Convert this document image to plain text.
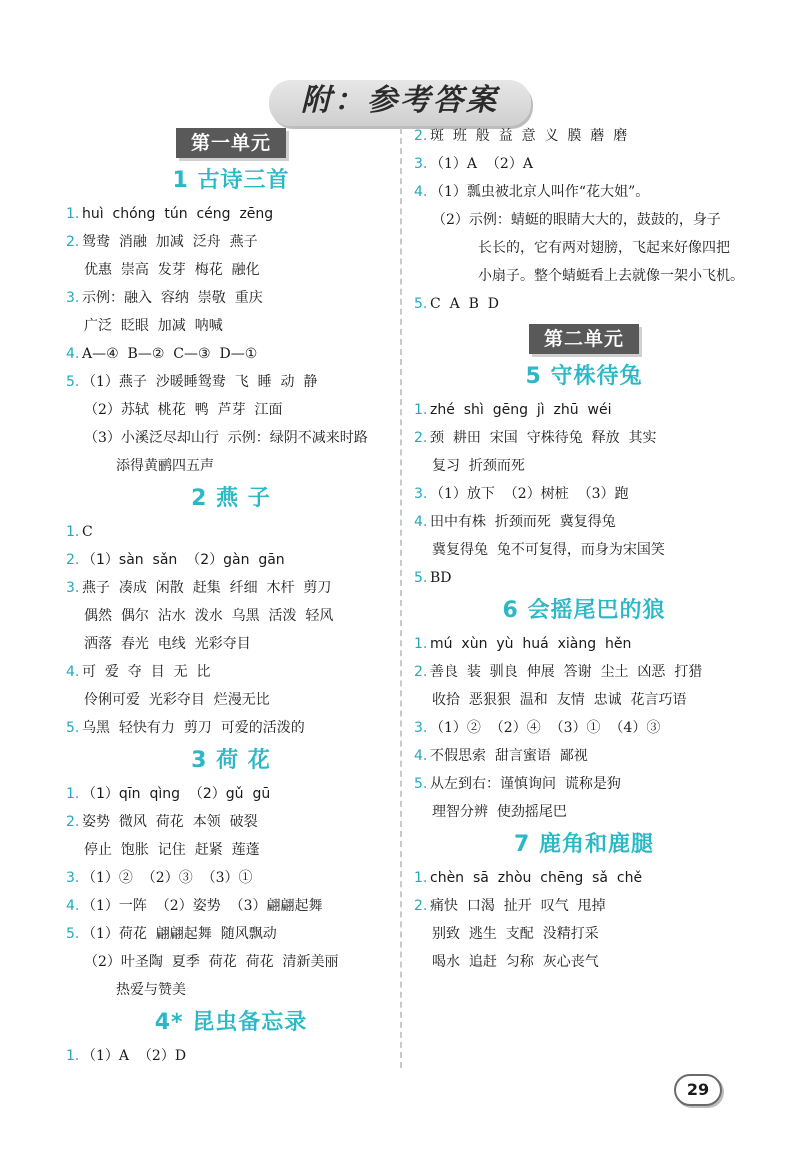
附：参考答案
第一单元
1 古诗三首
1. huì  chóng  tún  céng  zēng
2. 鸳鸯  消融  加减  泛舟  燕子
优惠  崇高  发芽  梅花  融化
3. 示例：融入  容纳  崇敬  重庆
广泛  眨眼  加减  呐喊
4. A—④  B—②  C—③  D—①
5. （1）燕子  沙暖睡鸳鸯  飞  睡  动  静
（2）苏轼  桃花  鸭  芦芽  江面
（3）小溪泛尽却山行  示例：绿阴不减来时路
添得黄鹂四五声
2 燕 子
1. C
2. （1）sàn  sǎn  （2）gàn  gān
3. 燕子  凑成  闲散  赶集  纤细  木杆  剪刀
偶然  偶尔  沾水  泼水  乌黑  活泼  轻风
洒落  春光  电线  光彩夺目
4. 可  爱  夺  目  无  比
伶俐可爱  光彩夺目  烂漫无比
5. 乌黑  轻快有力  剪刀  可爱的活泼的
3 荷 花
1. （1）qīn  qìng  （2）gǔ  gū
2. 姿势  微风  荷花  本领  破裂
停止  饱胀  记住  赶紧  莲蓬
3. （1）②  （2）③  （3）①
4. （1）一阵  （2）姿势  （3）翩翩起舞
5. （1）荷花  翩翩起舞  随风飘动
（2）叶圣陶  夏季  荷花  荷花  清新美丽
热爱与赞美
4* 昆虫备忘录
1. （1）A  （2）D
2. 斑  班  般  益  意  义  膜  蘑  磨
3. （1）A  （2）A
4. （1）瓢虫被北京人叫作“花大姐”。
（2）示例：蜻蜓的眼睛大大的，鼓鼓的，身子
长长的，它有两对翅膀，飞起来好像四把
小扇子。整个蜻蜓看上去就像一架小飞机。
5. C  A  B  D
第二单元
5 守株待兔
1. zhé  shì  gēng  jì  zhū  wéi
2. 颈  耕田  宋国  守株待兔  释放  其实
复习  折颈而死
3. （1）放下  （2）树桩  （3）跑
4. 田中有株  折颈而死  冀复得兔
冀复得兔  兔不可复得，而身为宋国笑
5. BD
6 会摇尾巴的狼
1. mú  xùn  yù  huá  xiàng  hěn
2. 善良  装  驯良  伸展  答谢  尘土  凶恶  打猎
收拾  恶狠狠  温和  友情  忠诚  花言巧语
3. （1）②  （2）④  （3）①  （4）③
4. 不假思索  甜言蜜语  鄙视
5. 从左到右：谨慎询问  谎称是狗
理智分辨  使劲摇尾巴
7 鹿角和鹿腿
1. chèn  sā  zhòu  chēng  sǎ  chě
2. 痛快  口渴  扯开  叹气  甩掉
别致  逃生  支配  没精打采
喝水  追赶  匀称  灰心丧气
29
